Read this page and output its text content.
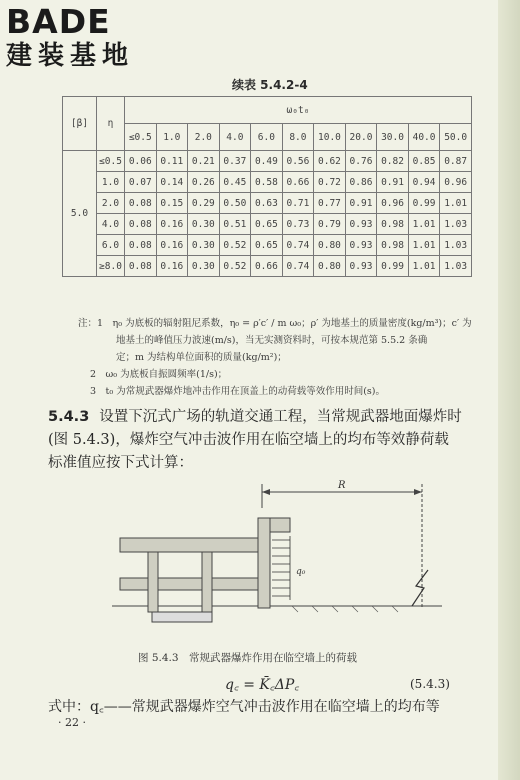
BADE
建装基地
续表 5.4.2-4
[β]	η	ω₀t₀										
		≤0.5	1.0	2.0	4.0	6.0	8.0	10.0	20.0	30.0	40.0	50.0
5.0	≤0.5	0.06	0.11	0.21	0.37	0.49	0.56	0.62	0.76	0.82	0.85	0.87
	1.0	0.07	0.14	0.26	0.45	0.58	0.66	0.72	0.86	0.91	0.94	0.96
	2.0	0.08	0.15	0.29	0.50	0.63	0.71	0.77	0.91	0.96	0.99	1.01
	4.0	0.08	0.16	0.30	0.51	0.65	0.73	0.79	0.93	0.98	1.01	1.03
	6.0	0.08	0.16	0.30	0.52	0.65	0.74	0.80	0.93	0.98	1.01	1.03
	≥8.0	0.08	0.16	0.30	0.52	0.66	0.74	0.80	0.93	0.99	1.01	1.03

注：1　η₀ 为底板的辐射阻尼系数，η₀ = ρ′c′ / m ω₀；ρ′ 为地基土的质量密度(kg/m³)；c′ 为

地基土的峰值压力波速(m/s)，当无实测资料时，可按本规范第 5.5.2 条确

定；m 为结构单位面积的质量(kg/m²)；

2　ω₀ 为底板自振圆频率(1/s)；

3　t₀ 为常规武器爆炸地冲击作用在顶盖上的动荷载等效作用时间(s)。

5.4.3 设置下沉式广场的轨道交通工程，当常规武器地面爆炸时

(图 5.4.3)，爆炸空气冲击波作用在临空墙上的均布等效静荷载

标准值应按下式计算：

R
q₀
图 5.4.3　常规武器爆炸作用在临空墙上的荷载
q꜀ = K̄꜀ΔP꜀	(5.4.3)
式中：q꜀——常规武器爆炸空气冲击波作用在临空墙上的均布等
· 22 ·
